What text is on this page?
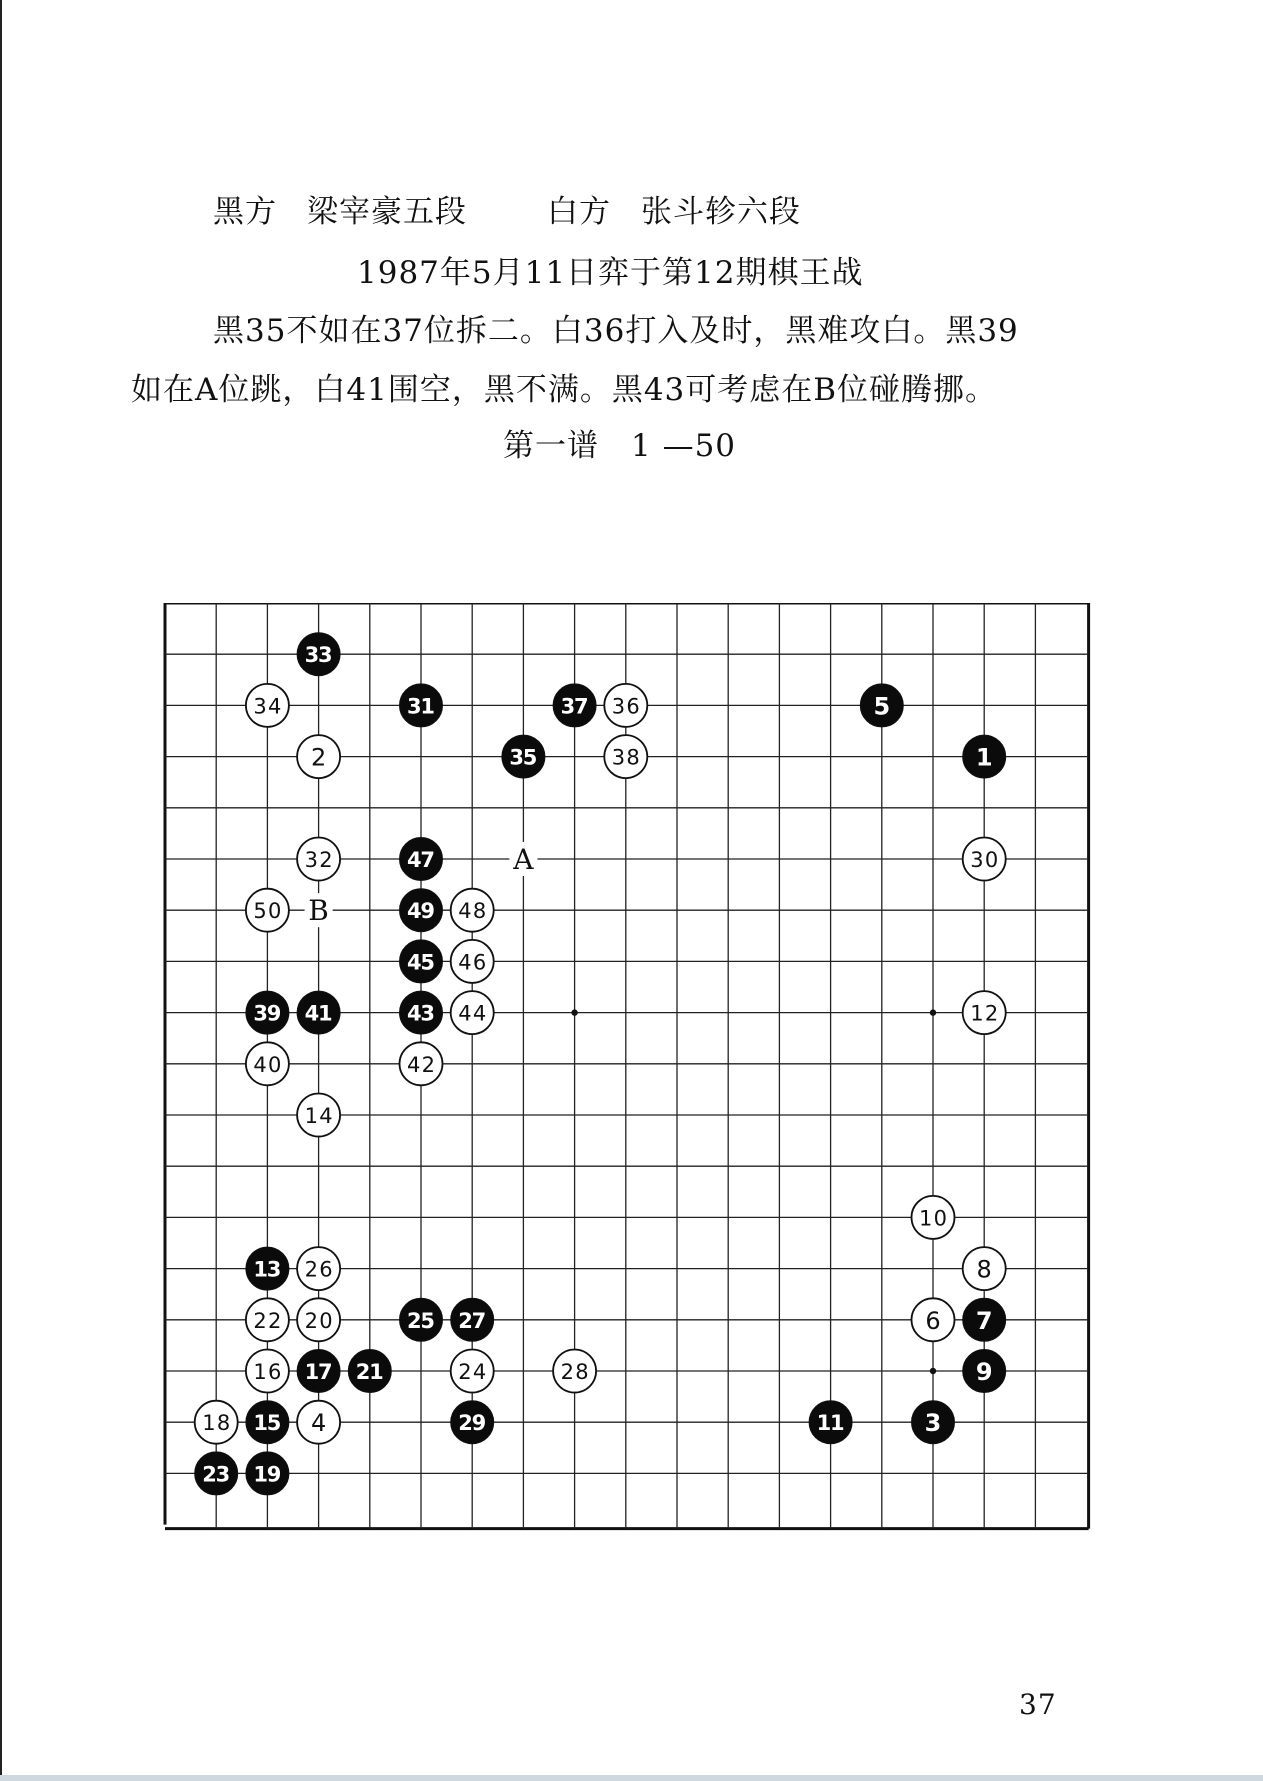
黑方 梁宰豪五段	白方 张斗轸六段
1987年5月11日弈于第12期棋王战
黑35不如在37位拆二。白36打入及时，黑难攻白。黑39
如在A位跳，白41围空，黑不满。黑43可考虑在B位碰腾挪。
第一谱　1 —50
A
B
1
2
3
4
5
6 7
8
9
10
11
12
13
14
15
16 17
18
19
20
21
22
23
24
25
26
27
28
29
30
31
32
33
34
35
36
37
38
39
40
41
42
43 44
45 46
47
48
49
50
37
